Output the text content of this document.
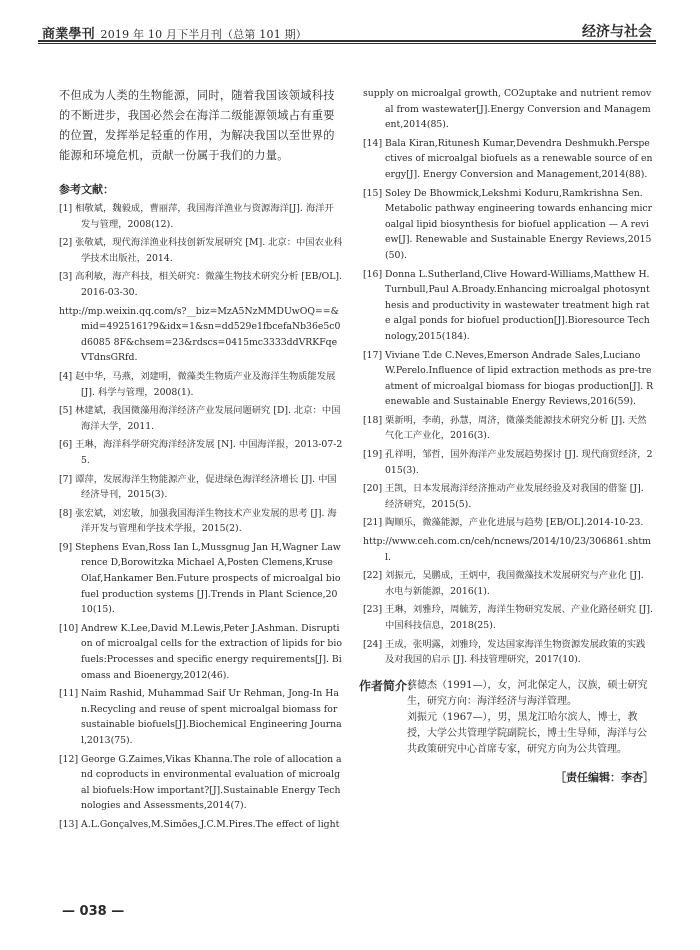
商業學刊 2019 年 10 月下半月刊（总第 101 期）	经济与社会

不但成为人类的生物能源，同时，随着我国该领域科技的不断进步，我国必然会在海洋二级能源领域占有重要的位置，发挥举足轻重的作用，为解决我国以至世界的能源和环境危机，贡献一份属于我们的力量。

参考文献：
[1] 相敬斌，魏毅成，曹丽萍，我国海洋渔业与资源海洋[J]. 海洋开发与管理，2008(12).
[2] 张敬斌，现代海洋渔业科技创新发展研究 [M]. 北京：中国农业科学技术出版社，2014.
[3] 高利敏，海产科技，相关研究：微藻生物技术研究分析 [EB/OL].2016-03-30.
http://mp.weixin.qq.com/s?__biz=MzA5NzMMDUwOQ==&mid=4925161?9&idx=1&sn=dd529e1fbcefaNb36e5c0d6085 8F&chsem=23&rdscs=0415mc3333ddVRKFqeVTdnsGRfd.
[4] 赵中华，马燕，刘建明，微藻类生物质产业及海洋生物质能发展 [J]. 科学与管理，2008(1).
[5] 林建斌，我国微藻用海洋经济产业发展问题研究 [D]. 北京：中国海洋大学，2011.
[6] 王琳，海洋科学研究海洋经济发展 [N]. 中国海洋报，2013-07-25.
[7] 谭萍，发展海洋生物能源产业，促进绿色海洋经济增长 [J]. 中国经济导刊，2015(3).
[8] 张宏斌，刘宏敏，加强我国海洋生物技术产业发展的思考 [J]. 海洋开发与管理和学技术学报，2015(2).
[9] Stephens Evan,Ross Ian L,Mussgnug Jan H,Wagner Lawrence D,Borowitzka Michael A,Posten Clemens,Kruse Olaf,Hankamer Ben.Future prospects of microalgal biofuel production systems [J].Trends in Plant Science,2010(15).
[10] Andrew K.Lee,David M.Lewis,Peter J.Ashman. Disruption of microalgal cells for the extraction of lipids for biofuels:Processes and specific energy requirements[J]. Biomass and Bioenergy,2012(46).
[11] Naim Rashid, Muhammad Saif Ur Rehman, Jong-In Han.Recycling and reuse of spent microalgal biomass for sustainable biofuels[J].Biochemical Engineering Journal,2013(75).
[12] George G.Zaimes,Vikas Khanna.The role of allocation and coproducts in environmental evaluation of microalgal biofuels:How important?[J].Sustainable Energy Technologies and Assessments,2014(7).
[13] A.L.Gonçalves,M.Simões,J.C.M.Pires.The effect of light
supply on microalgal growth, CO2uptake and nutrient removal from wastewater[J].Energy Conversion and Management,2014(85).
[14] Bala Kiran,Ritunesh Kumar,Devendra Deshmukh.Perspectives of microalgal biofuels as a renewable source of energy[J]. Energy Conversion and Management,2014(88).
[15] Soley De Bhowmick,Lekshmi Koduru,Ramkrishna Sen. Metabolic pathway engineering towards enhancing microalgal lipid biosynthesis for biofuel application — A review[J]. Renewable and Sustainable Energy Reviews,2015(50).
[16] Donna L.Sutherland,Clive Howard-Williams,Matthew H.Turnbull,Paul A.Broady.Enhancing microalgal photosynthesis and productivity in wastewater treatment high rate algal ponds for biofuel production[J].Bioresource Technology,2015(184).
[17] Viviane T.de C.Neves,Emerson Andrade Sales,Luciano W.Perelo.Influence of lipid extraction methods as pre-treatment of microalgal biomass for biogas production[J]. Renewable and Sustainable Energy Reviews,2016(59).
[18] 栗新明，李萌，孙慧，周济，微藻类能源技术研究分析 [J]. 天然气化工产业化，2016(3).
[19] 孔祥明，邹哲，国外海洋产业发展趋势探讨 [J]. 现代商贸经济，2015(3).
[20] 王凯，日本发展海洋经济推动产业发展经验及对我国的借鉴 [J]. 经济研究，2015(5).
[21] 陶顺乐，微藻能源，产业化进展与趋势 [EB/OL].2014-10-23.
http://www.ceh.com.cn/ceh/ncnews/2014/10/23/306861.shtml.
[22] 刘振元，吴鹏成，王炳中，我国微藻技术发展研究与产业化 [J]. 水电与新能源，2016(1).
[23] 王琳，刘雅玲，周毓芳，海洋生物研究发展、产业化路径研究 [J]. 中国科技信息，2018(25).
[24] 王成，张明露，刘雅玲，发达国家海洋生物资源发展政策的实践及对我国的启示 [J]. 科技管理研究，2017(10).
作者简介：

蔡德杰（1991—），女，河北保定人，汉族，硕士研究生，研究方向：海洋经济与海洋管理。

刘振元（1967—），男，黑龙江哈尔滨人，博士，教授，大学公共管理学院副院长，博士生导师，海洋与公共政策研究中心首席专家，研究方向为公共管理。

［责任编辑：李杏］
— 038 —
